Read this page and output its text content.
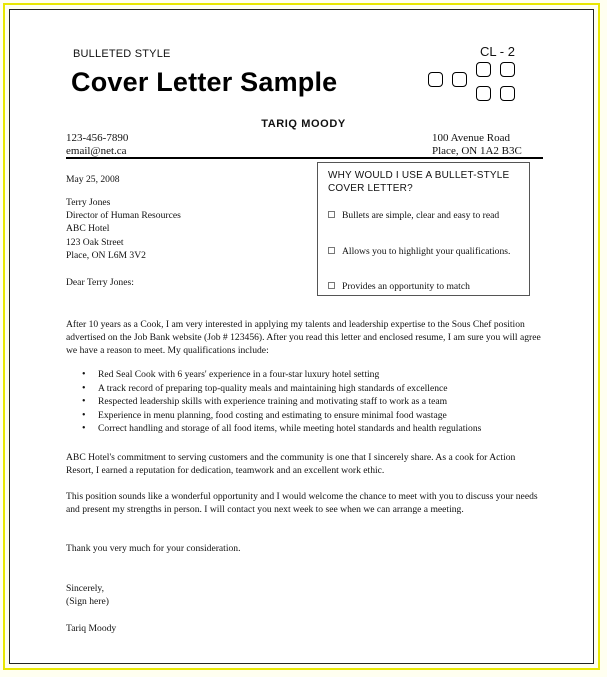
BULLETED STYLE
Cover Letter Sample
CL - 2
TARIQ MOODY
123-456-7890
email@net.ca
100 Avenue Road
Place, ON 1A2 B3C
May 25, 2008
Terry Jones
Director of Human Resources
ABC Hotel
123 Oak Street
Place, ON L6M 3V2
Dear Terry Jones:
WHY WOULD I USE A BULLET-STYLE COVER LETTER?
Bullets are simple, clear and easy to read
Allows you to highlight your qualifications.
Provides an opportunity to match
After 10 years as a Cook, I am very interested in applying my talents and leadership expertise to the Sous Chef position advertised on the Job Bank website (Job # 123456). After you read this letter and enclosed resume, I am sure you will agree we have a reason to meet. My qualifications include:
• Red Seal Cook with 6 years' experience in a four-star luxury hotel setting
• A track record of preparing top-quality meals and maintaining high standards of excellence
• Respected leadership skills with experience training and motivating staff to work as a team
• Experience in menu planning, food costing and estimating to ensure minimal food wastage
• Correct handling and storage of all food items, while meeting hotel standards and health regulations
ABC Hotel's commitment to serving customers and the community is one that I sincerely share. As a cook for Action Resort, I earned a reputation for dedication, teamwork and an excellent work ethic.
This position sounds like a wonderful opportunity and I would welcome the chance to meet with you to discuss your needs and present my strengths in person. I will contact you next week to see when we can arrange a meeting.
Thank you very much for your consideration.
Sincerely,
(Sign here)
Tariq Moody
